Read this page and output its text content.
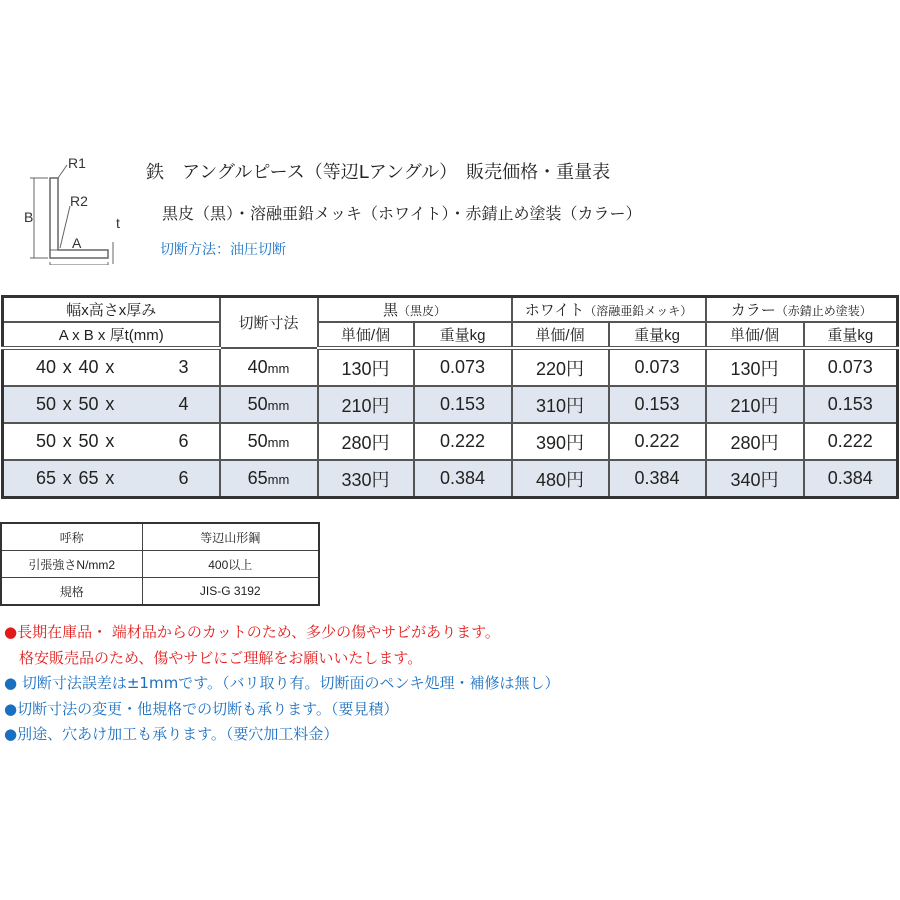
B
A
R1
R2
t
鉄　アングルピース（等辺Lアングル）　販売価格・重量表
黒皮（黒）・溶融亜鉛メッキ（ホワイト）・赤錆止め塗装（カラー）
切断方法：油圧切断
幅x高さx厚み	切断寸法	黒（黒皮）		ホワイト（溶融亜鉛メッキ）		カラー（赤錆止め塗装）	
A x B x 厚t(mm)		単価/個	重量kg	単価/個	重量kg	単価/個	重量kg

40 x 40 x 3	40mm	130円	0.073	220円	0.073	130円	0.073

50 x 50 x 4	50mm	210円	0.153	310円	0.153	210円	0.153

50 x 50 x 6	50mm	280円	0.222	390円	0.222	280円	0.222

65 x 65 x 6	65mm	330円	0.384	480円	0.384	340円	0.384
呼称	等辺山形鋼
引張強さN/mm2	400以上
規格	JIS-G 3192
●長期在庫品・ 端材品からのカットのため、多少の傷やサビがあります。
　格安販売品のため、傷やサビにご理解をお願いいたします。
● 切断寸法誤差は±1mmです。（バリ取り有。切断面のペンキ処理・補修は無し）
●切断寸法の変更・他規格での切断も承ります。（要見積）
●別途、穴あけ加工も承ります。（要穴加工料金）
